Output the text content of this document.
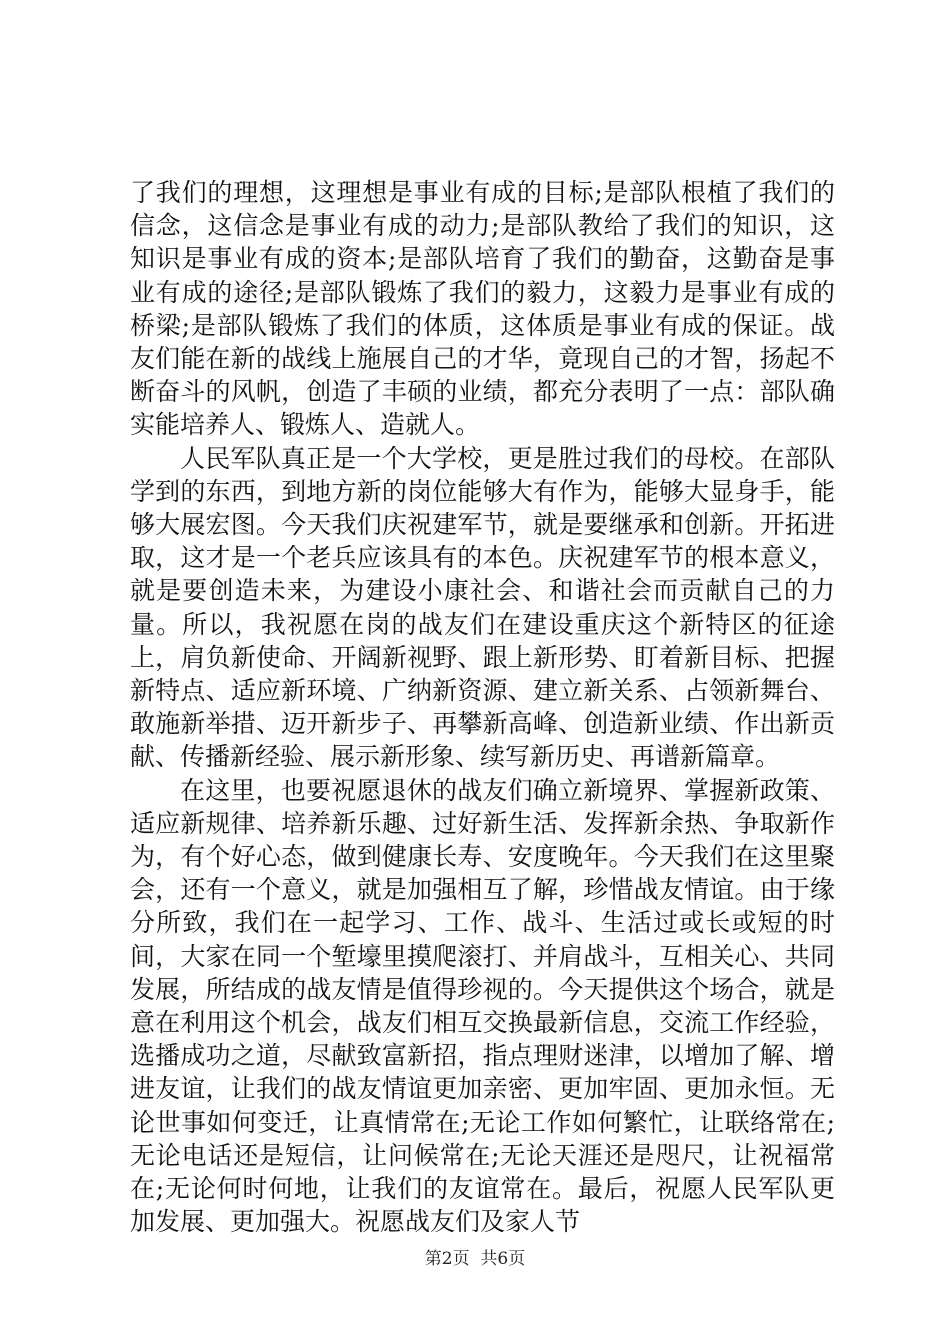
了我们的理想，这理想是事业有成的目标;是部队根植了我们的信念，这信念是事业有成的动力;是部队教给了我们的知识，这知识是事业有成的资本;是部队培育了我们的勤奋，这勤奋是事业有成的途径;是部队锻炼了我们的毅力，这毅力是事业有成的桥梁;是部队锻炼了我们的体质，这体质是事业有成的保证。战友们能在新的战线上施展自己的才华，竟现自己的才智，扬起不断奋斗的风帆，创造了丰硕的业绩，都充分表明了一点：部队确实能培养人、锻炼人、造就人。

人民军队真正是一个大学校，更是胜过我们的母校。在部队学到的东西，到地方新的岗位能够大有作为，能够大显身手，能够大展宏图。今天我们庆祝建军节，就是要继承和创新。开拓进取，这才是一个老兵应该具有的本色。庆祝建军节的根本意义，就是要创造未来，为建设小康社会、和谐社会而贡献自己的力量。所以，我祝愿在岗的战友们在建设重庆这个新特区的征途上，肩负新使命、开阔新视野、跟上新形势、盯着新目标、把握新特点、适应新环境、广纳新资源、建立新关系、占领新舞台、敢施新举措、迈开新步子、再攀新高峰、创造新业绩、作出新贡献、传播新经验、展示新形象、续写新历史、再谱新篇章。

在这里，也要祝愿退休的战友们确立新境界、掌握新政策、适应新规律、培养新乐趣、过好新生活、发挥新余热、争取新作为，有个好心态，做到健康长寿、安度晚年。今天我们在这里聚会，还有一个意义，就是加强相互了解，珍惜战友情谊。由于缘分所致，我们在一起学习、工作、战斗、生活过或长或短的时间，大家在同一个堑壕里摸爬滚打、并肩战斗，互相关心、共同发展，所结成的战友情是值得珍视的。今天提供这个场合，就是意在利用这个机会，战友们相互交换最新信息，交流工作经验，选播成功之道，尽献致富新招，指点理财迷津，以增加了解、增进友谊，让我们的战友情谊更加亲密、更加牢固、更加永恒。无论世事如何变迁，让真情常在;无论工作如何繁忙，让联络常在;无论电话还是短信，让问候常在;无论天涯还是咫尺，让祝福常在;无论何时何地，让我们的友谊常在。最后，祝愿人民军队更加发展、更加强大。祝愿战友们及家人节

第2页  共6页
